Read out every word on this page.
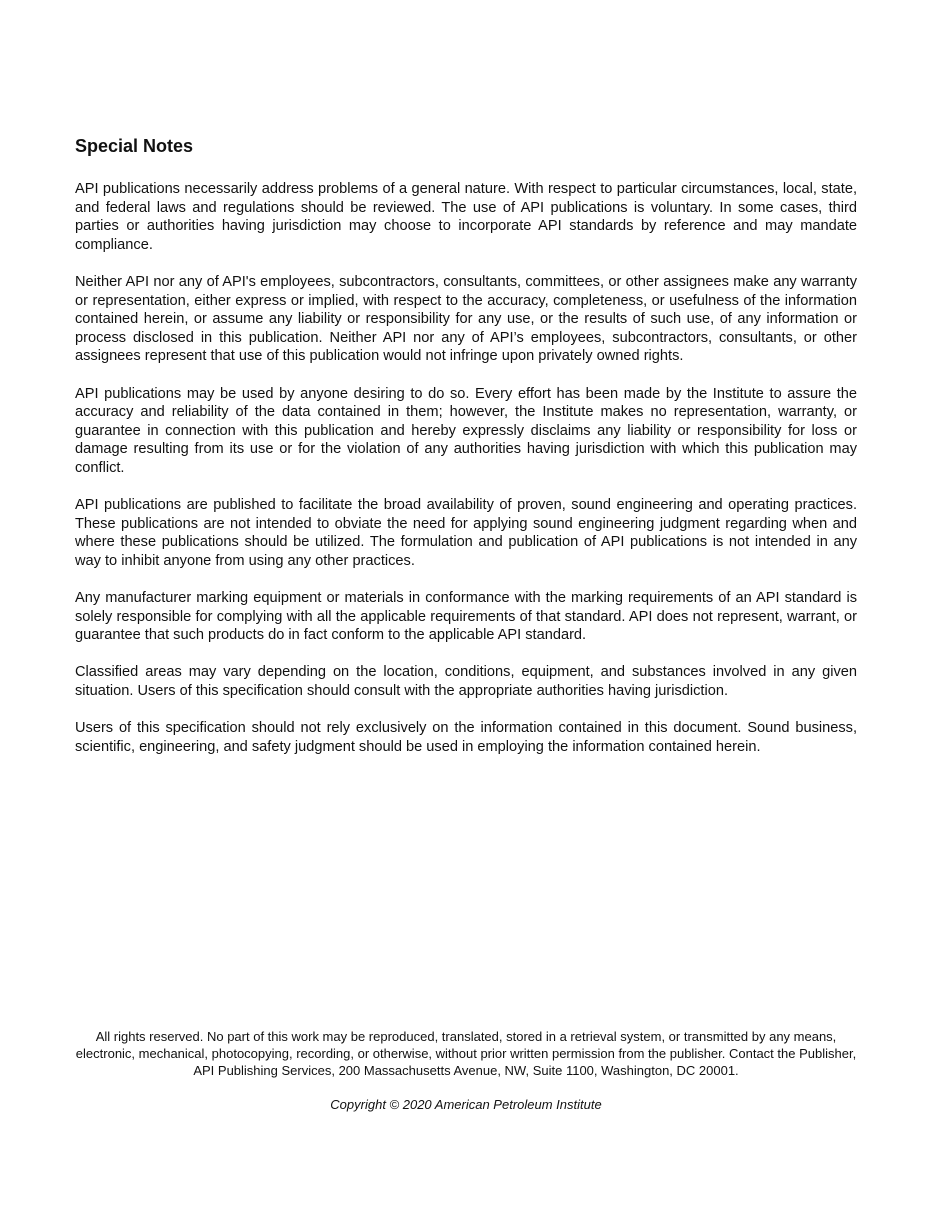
Special Notes

API publications necessarily address problems of a general nature. With respect to particular circumstances, local, state, and federal laws and regulations should be reviewed. The use of API publications is voluntary. In some cases, third parties or authorities having jurisdiction may choose to incorporate API standards by reference and may mandate compliance.

Neither API nor any of API's employees, subcontractors, consultants, committees, or other assignees make any warranty or representation, either express or implied, with respect to the accuracy, completeness, or usefulness of the information contained herein, or assume any liability or responsibility for any use, or the results of such use, of any information or process disclosed in this publication. Neither API nor any of API’s employees, subcontractors, consultants, or other assignees represent that use of this publication would not infringe upon privately owned rights.

API publications may be used by anyone desiring to do so. Every effort has been made by the Institute to assure the accuracy and reliability of the data contained in them; however, the Institute makes no representation, warranty, or guarantee in connection with this publication and hereby expressly disclaims any liability or responsibility for loss or damage resulting from its use or for the violation of any authorities having jurisdiction with which this publication may conflict.

API publications are published to facilitate the broad availability of proven, sound engineering and operating practices. These publications are not intended to obviate the need for applying sound engineering judgment regarding when and where these publications should be utilized. The formulation and publication of API publications is not intended in any way to inhibit anyone from using any other practices.

Any manufacturer marking equipment or materials in conformance with the marking requirements of an API standard is solely responsible for complying with all the applicable requirements of that standard. API does not represent, warrant, or guarantee that such products do in fact conform to the applicable API standard.

Classified areas may vary depending on the location, conditions, equipment, and substances involved in any given situation. Users of this specification should consult with the appropriate authorities having jurisdiction.

Users of this specification should not rely exclusively on the information contained in this document. Sound business, scientific, engineering, and safety judgment should be used in employing the information contained herein.

All rights reserved. No part of this work may be reproduced, translated, stored in a retrieval system, or transmitted by any means, electronic, mechanical, photocopying, recording, or otherwise, without prior written permission from the publisher. Contact the Publisher, API Publishing Services, 200 Massachusetts Avenue, NW, Suite 1100, Washington, DC 20001.

Copyright © 2020 American Petroleum Institute
